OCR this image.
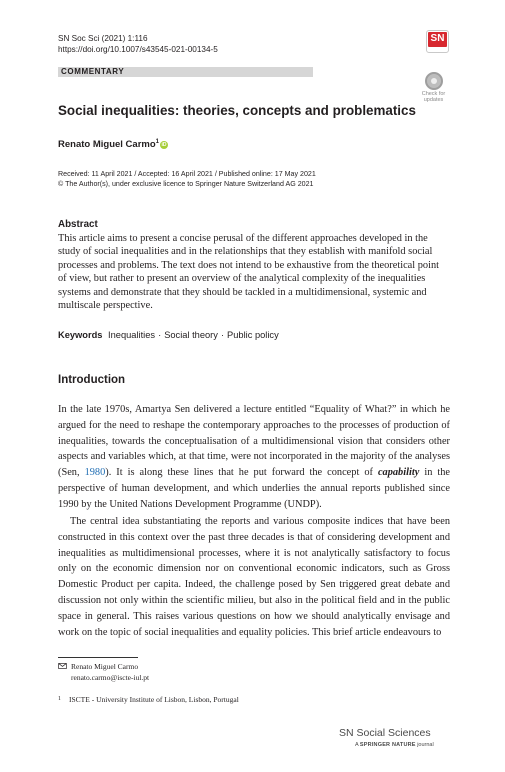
SN Soc Sci (2021) 1:116
https://doi.org/10.1007/s43545-021-00134-5
SN
COMMENTARY
Check for
updates
Social inequalities: theories, concepts and problematics
Renato Miguel Carmo$^1$iD
Received: 11 April 2021 / Accepted: 16 April 2021 / Published online: 17 May 2021
© The Author(s), under exclusive licence to Springer Nature Switzerland AG 2021
Abstract
This article aims to present a concise perusal of the different approaches developed in the study of social inequalities and in the relationships that they establish with manifold social processes and problems. The text does not intend to be exhaustive from the theoretical point of view, but rather to present an overview of the analytical complexity of the inequalities systems and demonstrate that they should be tackled in a multidimensional, systemic and multiscale perspective.
Keywords Inequalities · Social theory · Public policy
Introduction
In the late 1970s, Amartya Sen delivered a lecture entitled “Equality of What?” in which he argued for the need to reshape the contemporary approaches to the processes of production of inequalities, towards the conceptualisation of a multidimensional vision that considers other aspects and variables which, at that time, were not incorporated in the majority of the analyses (Sen, 1980). It is along these lines that he put forward the concept of capability in the perspective of human development, and which underlies the annual reports published since 1990 by the United Nations Development Programme (UNDP).
The central idea substantiating the reports and various composite indices that have been constructed in this context over the past three decades is that of considering development and inequalities as multidimensional processes, where it is not analytically satisfactory to focus only on the economic dimension nor on conventional economic indicators, such as Gross Domestic Product per capita. Indeed, the challenge posed by Sen triggered great debate and discussion not only within the scientific milieu, but also in the political field and in the public space in general. This raises various questions on how we should analytically envisage and work on the topic of social inequalities and equality policies. This brief article endeavours to
Renato Miguel Carmo
renato.carmo@iscte-iul.pt
1 ISCTE - University Institute of Lisbon, Lisbon, Portugal
SN Social Sciences
A SPRINGER NATURE journal
